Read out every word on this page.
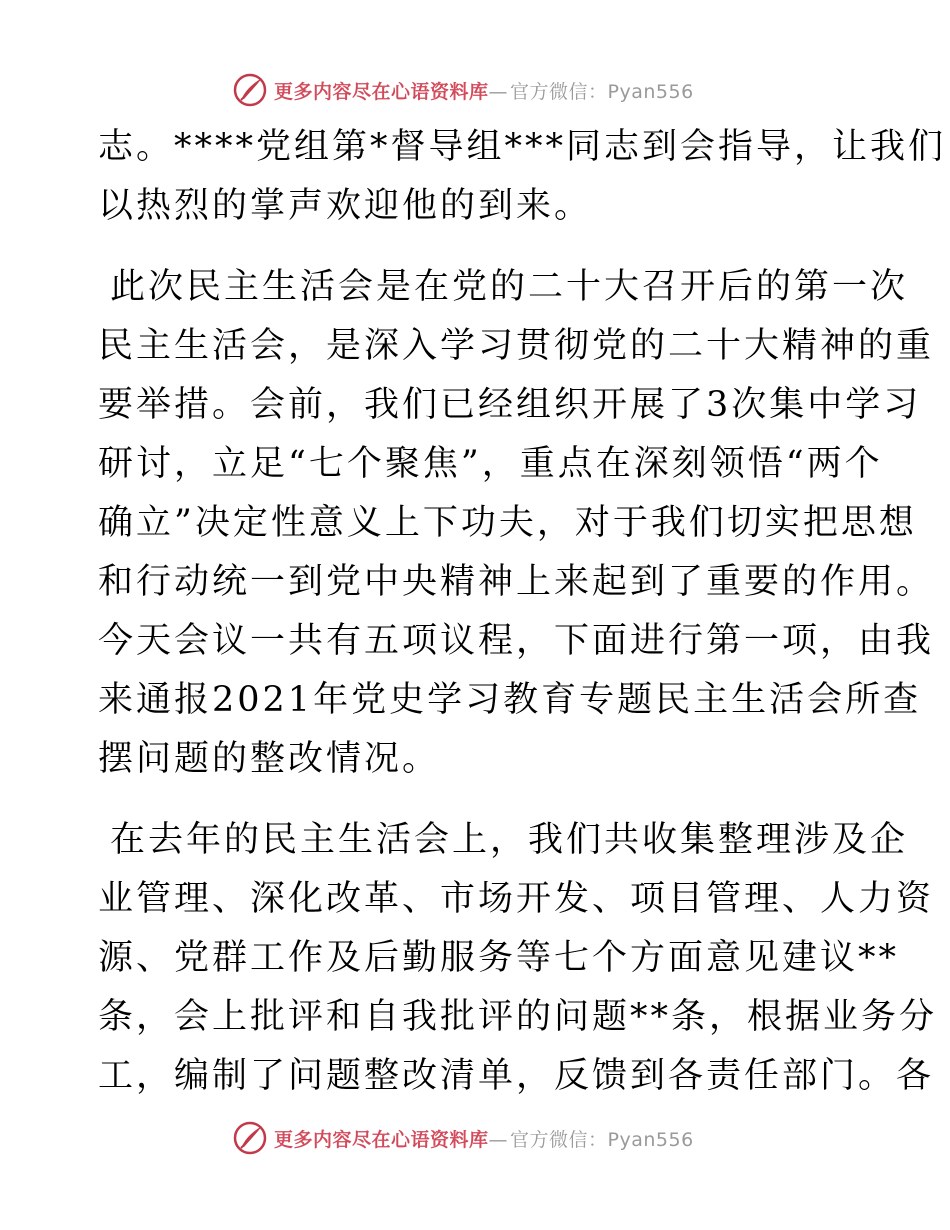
更多内容尽在心语资料库— 官方微信：Pyan556
志。****党组第*督导组***同志到会指导，让我们
以热烈的掌声欢迎他的到来。
此次民主生活会是在党的二十大召开后的第一次
民主生活会，是深入学习贯彻党的二十大精神的重
要举措。会前，我们已经组织开展了3次集中学习
研讨，立足“七个聚焦”，重点在深刻领悟“两个
确立”决定性意义上下功夫，对于我们切实把思想
和行动统一到党中央精神上来起到了重要的作用。
今天会议一共有五项议程，下面进行第一项，由我
来通报2021年党史学习教育专题民主生活会所查
摆问题的整改情况。
在去年的民主生活会上，我们共收集整理涉及企
业管理、深化改革、市场开发、项目管理、人力资
源、党群工作及后勤服务等七个方面意见建议**
条，会上批评和自我批评的问题**条，根据业务分
工，编制了问题整改清单，反馈到各责任部门。各
更多内容尽在心语资料库— 官方微信：Pyan556
